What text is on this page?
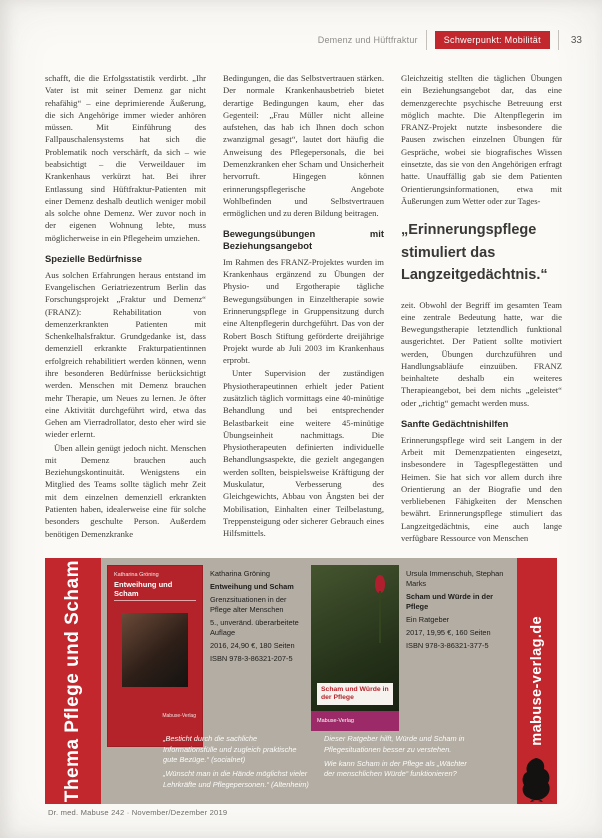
Demenz und Hüftfraktur	Schwerpunkt: Mobilität	33

schafft, die die Erfolgsstatistik verdirbt. „Ihr Vater ist mit seiner Demenz gar nicht rehafähig“ – eine deprimierende Äußerung, die sich Angehörige immer wieder anhören müssen. Mit Einführung des Fallpauschalensystems hat sich die Problematik noch verschärft, da sich – wie beabsichtigt – die Verweildauer im Krankenhaus verkürzt hat. Bei ihrer Entlassung sind Hüftfraktur-Patienten mit einer Demenz deshalb deutlich weniger mobil als solche ohne Demenz. Wer zuvor noch in der eigenen Wohnung lebte, muss möglicherweise in ein Pflegeheim umziehen.

Spezielle Bedürfnisse

Aus solchen Erfahrungen heraus entstand im Evangelischen Geriatriezentrum Berlin das Forschungsprojekt „Fraktur und Demenz“ (FRANZ): Rehabilitation von demenzerkrankten Patienten mit Schenkelhalsfraktur. Grundgedanke ist, dass demenziell erkrankte Frakturpatientinnen erfolgreich rehabilitiert werden können, wenn ihre besonderen Bedürfnisse berücksichtigt werden. Menschen mit Demenz brauchen mehr Therapie, um Neues zu lernen. Je öfter eine Aktivität durchgeführt wird, etwa das Gehen am Vierradrollator, desto eher wird sie wieder erlernt.

Üben allein genügt jedoch nicht. Menschen mit Demenz brauchen auch Beziehungskontinuität. Wenigstens ein Mitglied des Teams sollte täglich mehr Zeit mit dem einzelnen demenziell erkrankten Patienten haben, idealerweise eine für solche besonders geschulte Person. Außerdem benötigen Demenzkranke

Bedingungen, die das Selbstvertrauen stärken. Der normale Krankenhausbetrieb bietet derartige Bedingungen kaum, eher das Gegenteil: „Frau Müller nicht alleine aufstehen, das hab ich Ihnen doch schon zwanzigmal gesagt“, lautet dort häufig die Anweisung des Pflegepersonals, die bei Demenzkranken eher Scham und Unsicherheit hervorruft. Hingegen können erinnerungspflegerische Angebote Wohlbefinden und Selbstvertrauen ermöglichen und zu deren Bildung beitragen.

Bewegungsübungen mit Beziehungsangebot

Im Rahmen des FRANZ-Projektes wurden im Krankenhaus ergänzend zu Übungen der Physio- und Ergotherapie tägliche Bewegungsübungen in Einzeltherapie sowie Erinnerungspflege in Gruppensitzung durch eine Altenpflegerin durchgeführt. Das von der Robert Bosch Stiftung geförderte dreijährige Projekt wurde ab Juli 2003 im Krankenhaus erprobt.

Unter Supervision der zuständigen Physiotherapeutinnen erhielt jeder Patient zusätzlich täglich vormittags eine 40-minütige Behandlung und bei entsprechender Belastbarkeit eine weitere 45-minütige Übungseinheit nachmittags. Die Physiotherapeuten definierten individuelle Behandlungsaspekte, die gezielt angegangen werden sollten, beispielsweise Kräftigung der Muskulatur, Verbesserung des Gleichgewichts, Abbau von Ängsten bei der Mobilisation, Einhalten einer Teilbelastung, Treppensteigung oder sicherer Gebrauch eines Hilfsmittels.

Gleichzeitig stellten die täglichen Übungen ein Beziehungsangebot dar, das eine demenzgerechte psychische Betreuung erst möglich machte. Die Altenpflegerin im FRANZ-Projekt nutzte insbesondere die Pausen zwischen einzelnen Übungen für Gespräche, wobei sie biografisches Wissen einsetzte, das sie von den Angehörigen erfragt hatte. Unauffällig gab sie dem Patienten Orientierungsinformationen, etwa mit Äußerungen zum Wetter oder zur Tages-

„Erinnerungspflege stimuliert das Langzeitgedächtnis.“

zeit. Obwohl der Begriff im gesamten Team eine zentrale Bedeutung hatte, war die Bewegungstherapie letztendlich funktional ausgerichtet. Der Patient sollte motiviert werden, Übungen durchzuführen und Handlungsabläufe einzuüben. FRANZ beinhaltete deshalb ein weiteres Therapieangebot, bei dem nichts „geleistet“ oder „richtig“ gemacht werden muss.

Sanfte Gedächtnishilfen

Erinnerungspflege wird seit Langem in der Arbeit mit Demenzpatienten eingesetzt, insbesondere in Tagespflegestätten und Heimen. Sie hat sich vor allem durch ihre Orientierung an der Biografie und den verbliebenen Fähigkeiten der Menschen bewährt. Erinnerungspflege stimuliert das Langzeitgedächtnis, eine auch lange verfügbare Ressource von Menschen

Thema Pflege und Scham	Katharina Gröning
Entweihung und Scham
Mabuse-Verlag
Katharina Gröning
Entweihung und Scham
Grenzsituationen in der Pflege alter Menschen
5., unveränd. überarbeitete Auflage
2016, 24,90 €, 180 Seiten
ISBN 978-3-86321-207-5
Scham und Würde in der Pflege
Mabuse-Verlag
Ursula Immenschuh, Stephan Marks
Scham und Würde in der Pflege
Ein Ratgeber
2017, 19,95 €, 160 Seiten
ISBN 978-3-86321-377-5

„Besticht durch die sachliche Informationsfülle und zugleich praktische gute Bezüge.“ (socialnet)

„Wünscht man in die Hände möglichst vieler Lehrkräfte und Pflegepersonen.“ (Altenheim)

Dieser Ratgeber hilft, Würde und Scham in Pflegesituationen besser zu verstehen.

Wie kann Scham in der Pflege als „Wächter der menschlichen Würde“ funktionieren?

mabuse-verlag.de
Dr. med. Mabuse 242 · November/Dezember 2019
